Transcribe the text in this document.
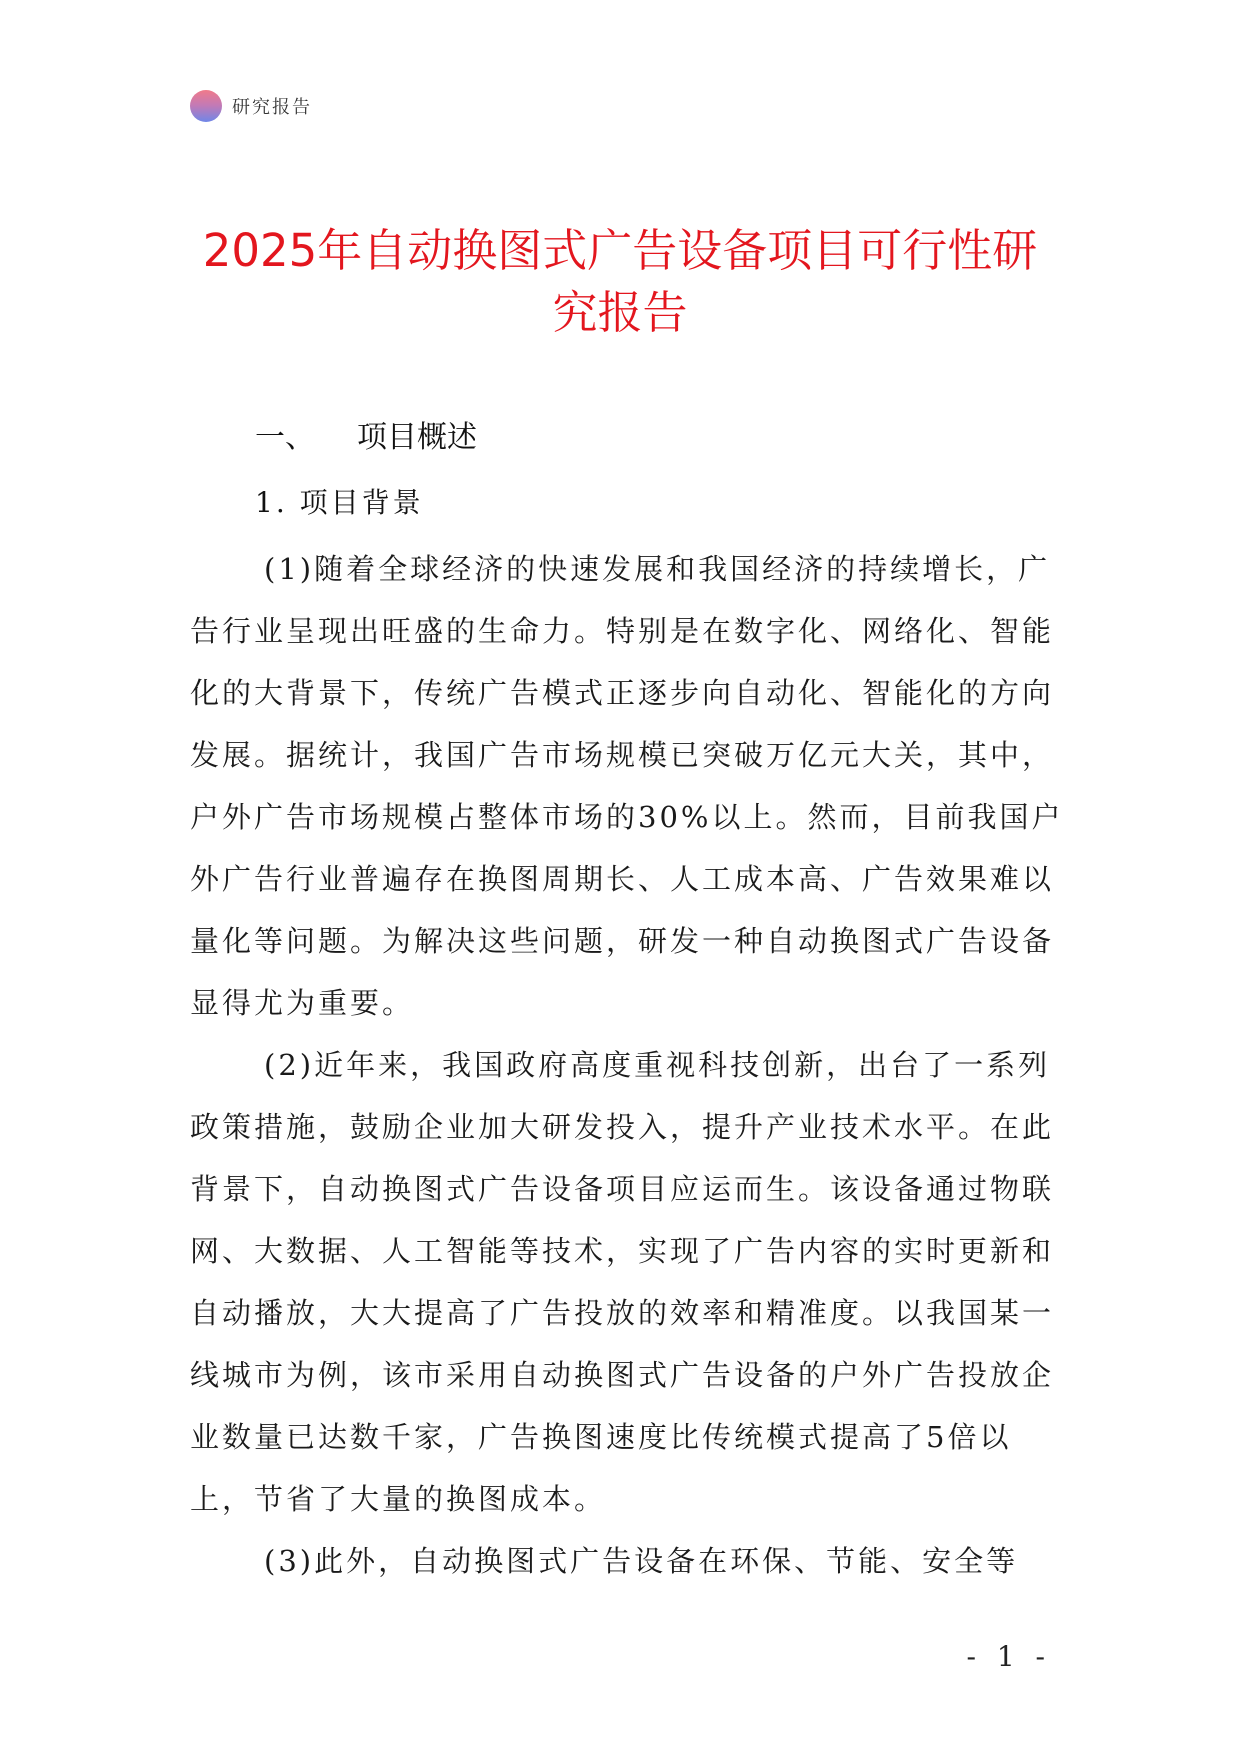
研究报告
2025年自动换图式广告设备项目可行性研
究报告
一、 项目概述
1. 项目背景

(1)随着全球经济的快速发展和我国经济的持续增长，广告行业呈现出旺盛的生命力。特别是在数字化、网络化、智能化的大背景下，传统广告模式正逐步向自动化、智能化的方向发展。据统计，我国广告市场规模已突破万亿元大关，其中，户外广告市场规模占整体市场的30%以上。然而，目前我国户外广告行业普遍存在换图周期长、人工成本高、广告效果难以量化等问题。为解决这些问题，研发一种自动换图式广告设备显得尤为重要。

(2)近年来，我国政府高度重视科技创新，出台了一系列政策措施，鼓励企业加大研发投入，提升产业技术水平。在此背景下，自动换图式广告设备项目应运而生。该设备通过物联网、大数据、人工智能等技术，实现了广告内容的实时更新和自动播放，大大提高了广告投放的效率和精准度。以我国某一线城市为例，该市采用自动换图式广告设备的户外广告投放企业数量已达数千家，广告换图速度比传统模式提高了5倍以上，节省了大量的换图成本。

(3)此外，自动换图式广告设备在环保、节能、安全等

- 1 -
